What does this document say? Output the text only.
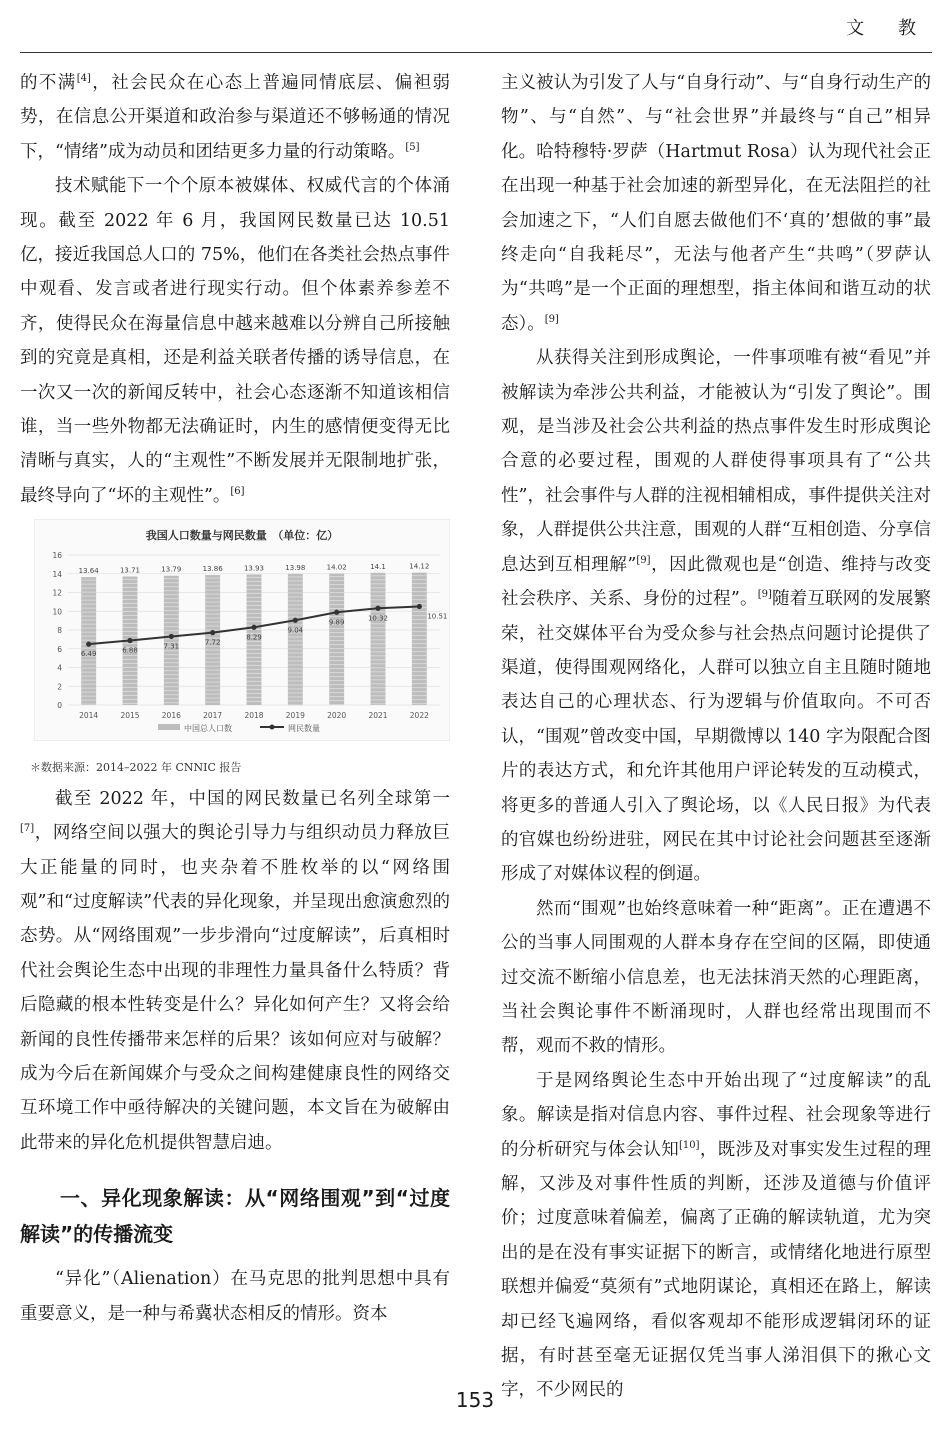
文 教

的不满[4]，社会民众在心态上普遍同情底层、偏袒弱势，在信息公开渠道和政治参与渠道还不够畅通的情况下，“情绪”成为动员和团结更多力量的行动策略。[5]

技术赋能下一个个原本被媒体、权威代言的个体涌现。截至 2022 年 6 月，我国网民数量已达 10.51 亿，接近我国总人口的 75%，他们在各类社会热点事件中观看、发言或者进行现实行动。但个体素养参差不齐，使得民众在海量信息中越来越难以分辨自己所接触到的究竟是真相，还是利益关联者传播的诱导信息，在一次又一次的新闻反转中，社会心态逐渐不知道该相信谁，当一些外物都无法确证时，内生的感情便变得无比清晰与真实，人的“主观性”不断发展并无限制地扩张，最终导向了“坏的主观性”。[6]

我国人口数量与网民数量　（单位：亿）
0
2
4
6
8
10
12
14
16
13.64	13.71	13.79	13.86	13.93	13.98	14.02	14.1	14.12
6.49	6.88
7.31	7.72
8.29
9.04
9.89
10.32	10.51
2014	2015	2016	2017	2018	2019	2020	2021	2022
中国总人口数	网民数量
＊数据来源：2014–2022 年 CNNIC 报告

截至 2022 年，中国的网民数量已名列全球第一[7]，网络空间以强大的舆论引导力与组织动员力释放巨大正能量的同时，也夹杂着不胜枚举的以“网络围观”和“过度解读”代表的异化现象，并呈现出愈演愈烈的态势。从“网络围观”一步步滑向“过度解读”，后真相时代社会舆论生态中出现的非理性力量具备什么特质？背后隐藏的根本性转变是什么？异化如何产生？又将会给新闻的良性传播带来怎样的后果？该如何应对与破解？成为今后在新闻媒介与受众之间构建健康良性的网络交互环境工作中亟待解决的关键问题，本文旨在为破解由此带来的异化危机提供智慧启迪。

一、异化现象解读：从“网络围观”到“过度解读”的传播流变

“异化”（Alienation）在马克思的批判思想中具有重要意义，是一种与希冀状态相反的情形。资本

主义被认为引发了人与“自身行动”、与“自身行动生产的物”、与“自然”、与“社会世界”并最终与“自己”相异化。哈特穆特·罗萨（Hartmut Rosa）认为现代社会正在出现一种基于社会加速的新型异化，在无法阻拦的社会加速之下，“人们自愿去做他们不‘真的’想做的事”最终走向“自我耗尽”，无法与他者产生“共鸣”（罗萨认为“共鸣”是一个正面的理想型，指主体间和谐互动的状态）。[9]

从获得关注到形成舆论，一件事项唯有被“看见”并被解读为牵涉公共利益，才能被认为“引发了舆论”。围观，是当涉及社会公共利益的热点事件发生时形成舆论合意的必要过程，围观的人群使得事项具有了“公共性”，社会事件与人群的注视相辅相成，事件提供关注对象，人群提供公共注意，围观的人群“互相创造、分享信息达到互相理解”[9]，因此微观也是“创造、维持与改变社会秩序、关系、身份的过程”。[9]随着互联网的发展繁荣，社交媒体平台为受众参与社会热点问题讨论提供了渠道，使得围观网络化，人群可以独立自主且随时随地表达自己的心理状态、行为逻辑与价值取向。不可否认，“围观”曾改变中国，早期微博以 140 字为限配合图片的表达方式，和允许其他用户评论转发的互动模式，将更多的普通人引入了舆论场，以《人民日报》为代表的官媒也纷纷进驻，网民在其中讨论社会问题甚至逐渐形成了对媒体议程的倒逼。

然而“围观”也始终意味着一种“距离”。正在遭遇不公的当事人同围观的人群本身存在空间的区隔，即使通过交流不断缩小信息差，也无法抹消天然的心理距离，当社会舆论事件不断涌现时，人群也经常出现围而不帮，观而不救的情形。

于是网络舆论生态中开始出现了“过度解读”的乱象。解读是指对信息内容、事件过程、社会现象等进行的分析研究与体会认知[10]，既涉及对事实发生过程的理解，又涉及对事件性质的判断，还涉及道德与价值评价；过度意味着偏差，偏离了正确的解读轨道，尤为突出的是在没有事实证据下的断言，或情绪化地进行原型联想并偏爱“莫须有”式地阴谋论，真相还在路上，解读却已经飞遍网络，看似客观却不能形成逻辑闭环的证据，有时甚至毫无证据仅凭当事人涕泪俱下的揪心文字，不少网民的

153
